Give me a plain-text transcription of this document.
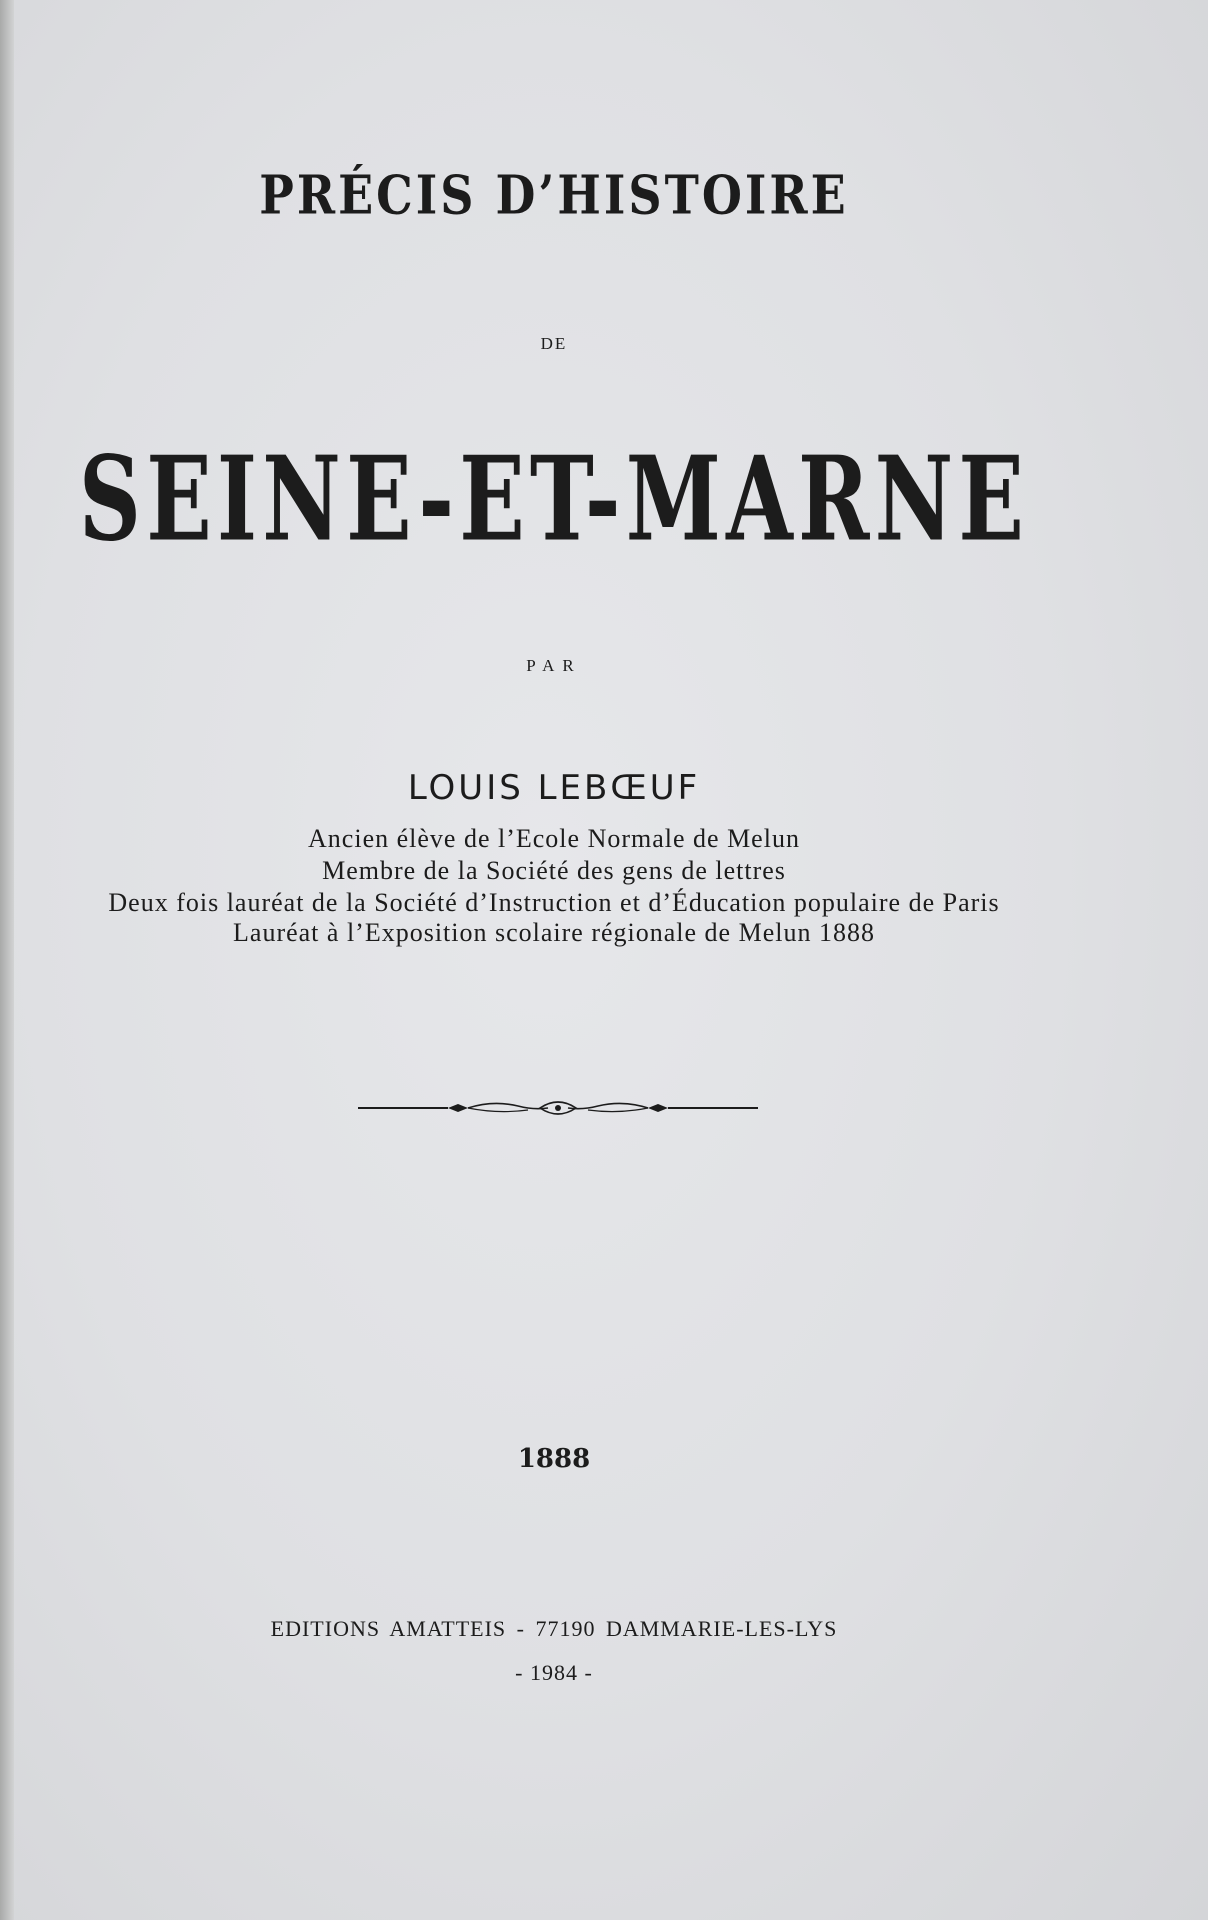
PRÉCIS D’HISTOIRE
DE
SEINE-ET-MARNE
PAR
LOUIS LEBŒUF
Ancien élève de l’Ecole Normale de Melun
Membre de la Société des gens de lettres
Deux fois lauréat de la Société d’Instruction et d’Éducation populaire de Paris
Lauréat à l’Exposition scolaire régionale de Melun 1888
1888
EDITIONS AMATTEIS - 77190 DAMMARIE-LES-LYS
- 1984 -
